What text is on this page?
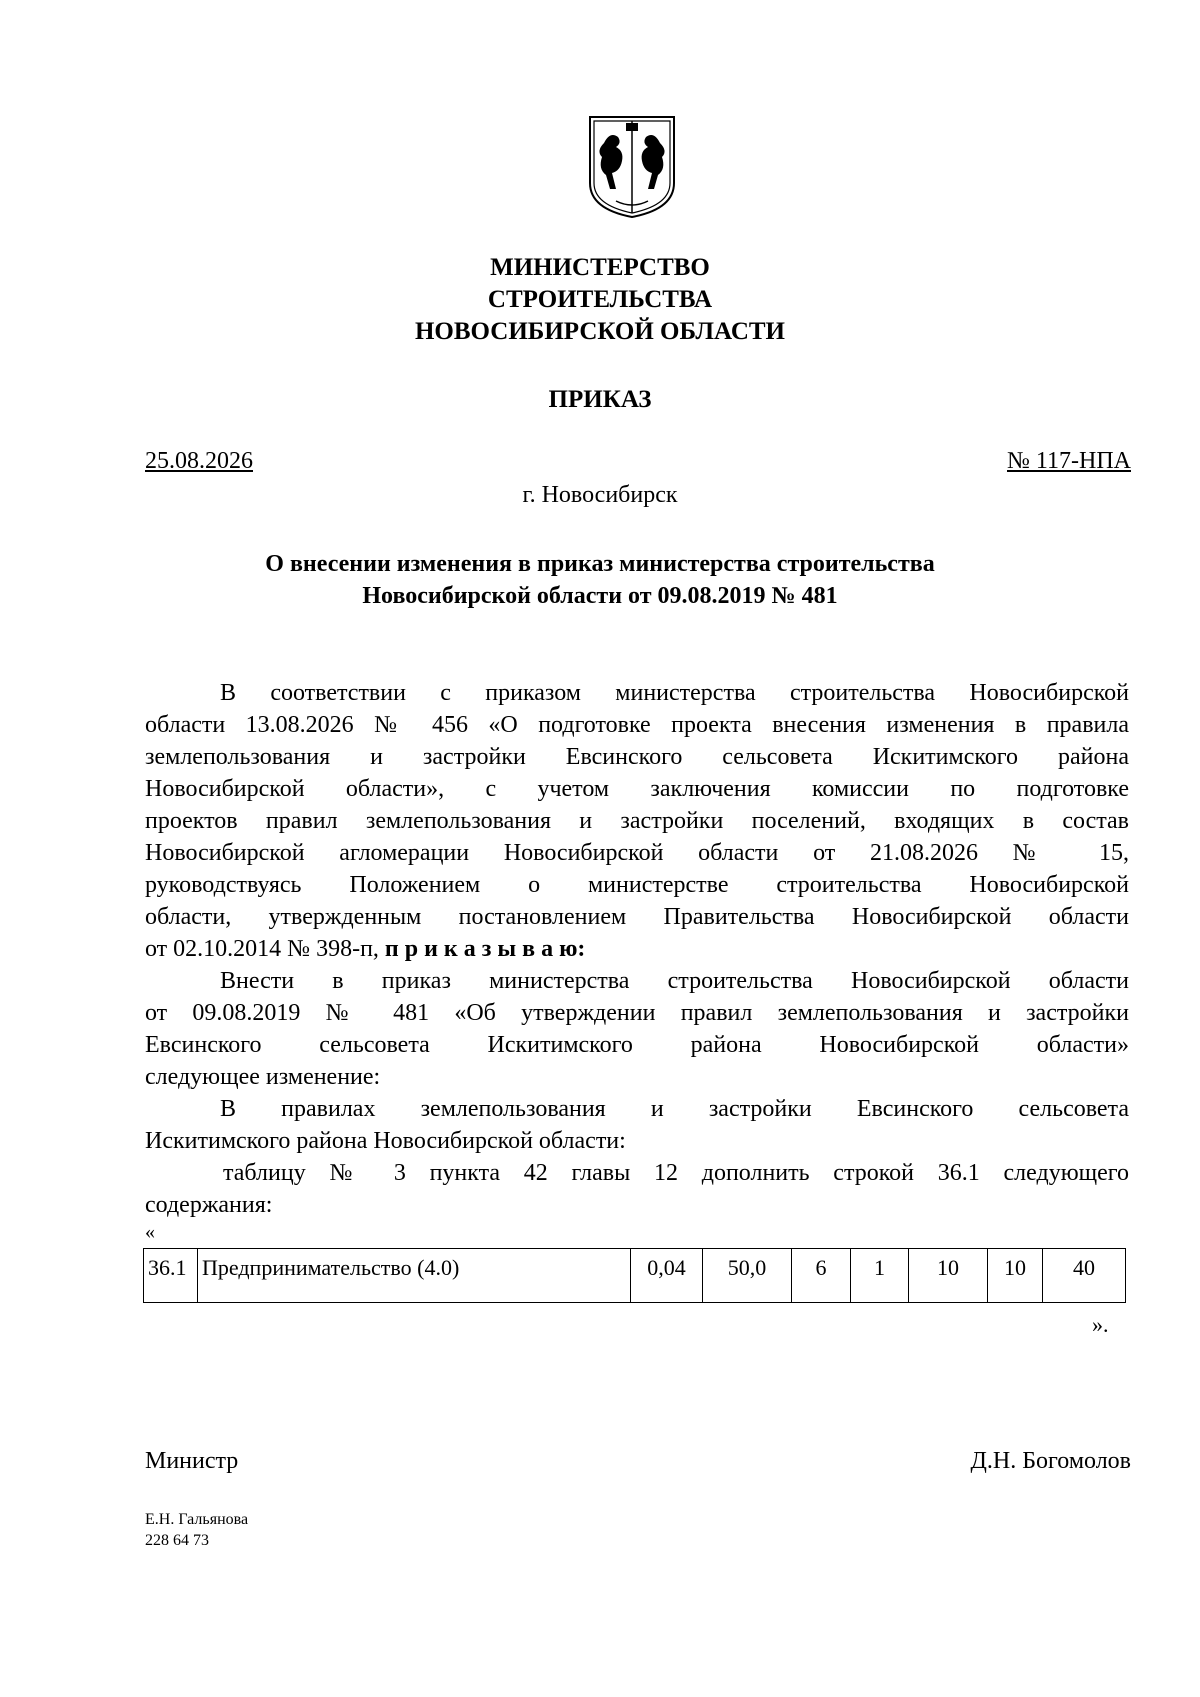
МИНИСТЕРСТВО
СТРОИТЕЛЬСТВА
НОВОСИБИРСКОЙ ОБЛАСТИ
ПРИКАЗ
25.08.2026	№ 117-НПА
г. Новосибирск
О внесении изменения в приказ министерства строительства
Новосибирской области от 09.08.2019 № 481
В соответствии с приказом министерства строительства Новосибирской
области 13.08.2026 № 456 «О подготовке проекта внесения изменения в правила
землепользования и застройки Евсинского сельсовета Искитимского района
Новосибирской области», с учетом заключения комиссии по подготовке
проектов правил землепользования и застройки поселений, входящих в состав
Новосибирской агломерации Новосибирской области от 21.08.2026 № 15,
руководствуясь Положением о министерстве строительства Новосибирской
области, утвержденным постановлением Правительства Новосибирской области
от 02.10.2014 № 398-п, п р и к а з ы в а ю:
Внести в приказ министерства строительства Новосибирской области
от 09.08.2019 № 481 «Об утверждении правил землепользования и застройки
Евсинского сельсовета Искитимского района Новосибирской области»
следующее изменение:
В правилах землепользования и застройки Евсинского сельсовета
Искитимского района Новосибирской области:
таблицу № 3 пункта 42 главы 12 дополнить строкой 36.1 следующего
содержания:
«
36.1	Предпринимательство (4.0)	0,04	50,0	6	1	10	10	40
».
Министр	Д.Н. Богомолов
Е.Н. Гальянова
228 64 73
